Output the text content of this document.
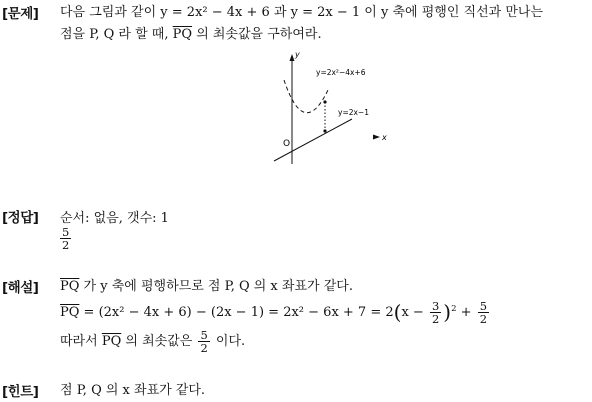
[문제] 다음 그림과 같이 y = 2x² − 4x + 6 과 y = 2x − 1 이 y 축에 평행인 직선과 만나는
점을 P, Q 라 할 때, $\overline{PQ}$ 의 최솟값을 구하여라.
y
x
O
y=2x²−4x+6
y=2x−1
[정답] 순서: 없음, 갯수: 1
$\frac{5}{2}$
[해설] $\overline{PQ}$ 가 y 축에 평행하므로 점 P, Q 의 x 좌표가 같다.
$\overline{PQ} = (2x^2 - 4x + 6) - (2x - 1) = 2x^2 - 6x + 7 = 2(x - \frac{3}{2} )^2 + \frac{5}{2}$
따라서 $\overline{PQ}$ 의 최솟값은 $\frac{5}{2}$ 이다.
[힌트] 점 P, Q 의 x 좌표가 같다.
